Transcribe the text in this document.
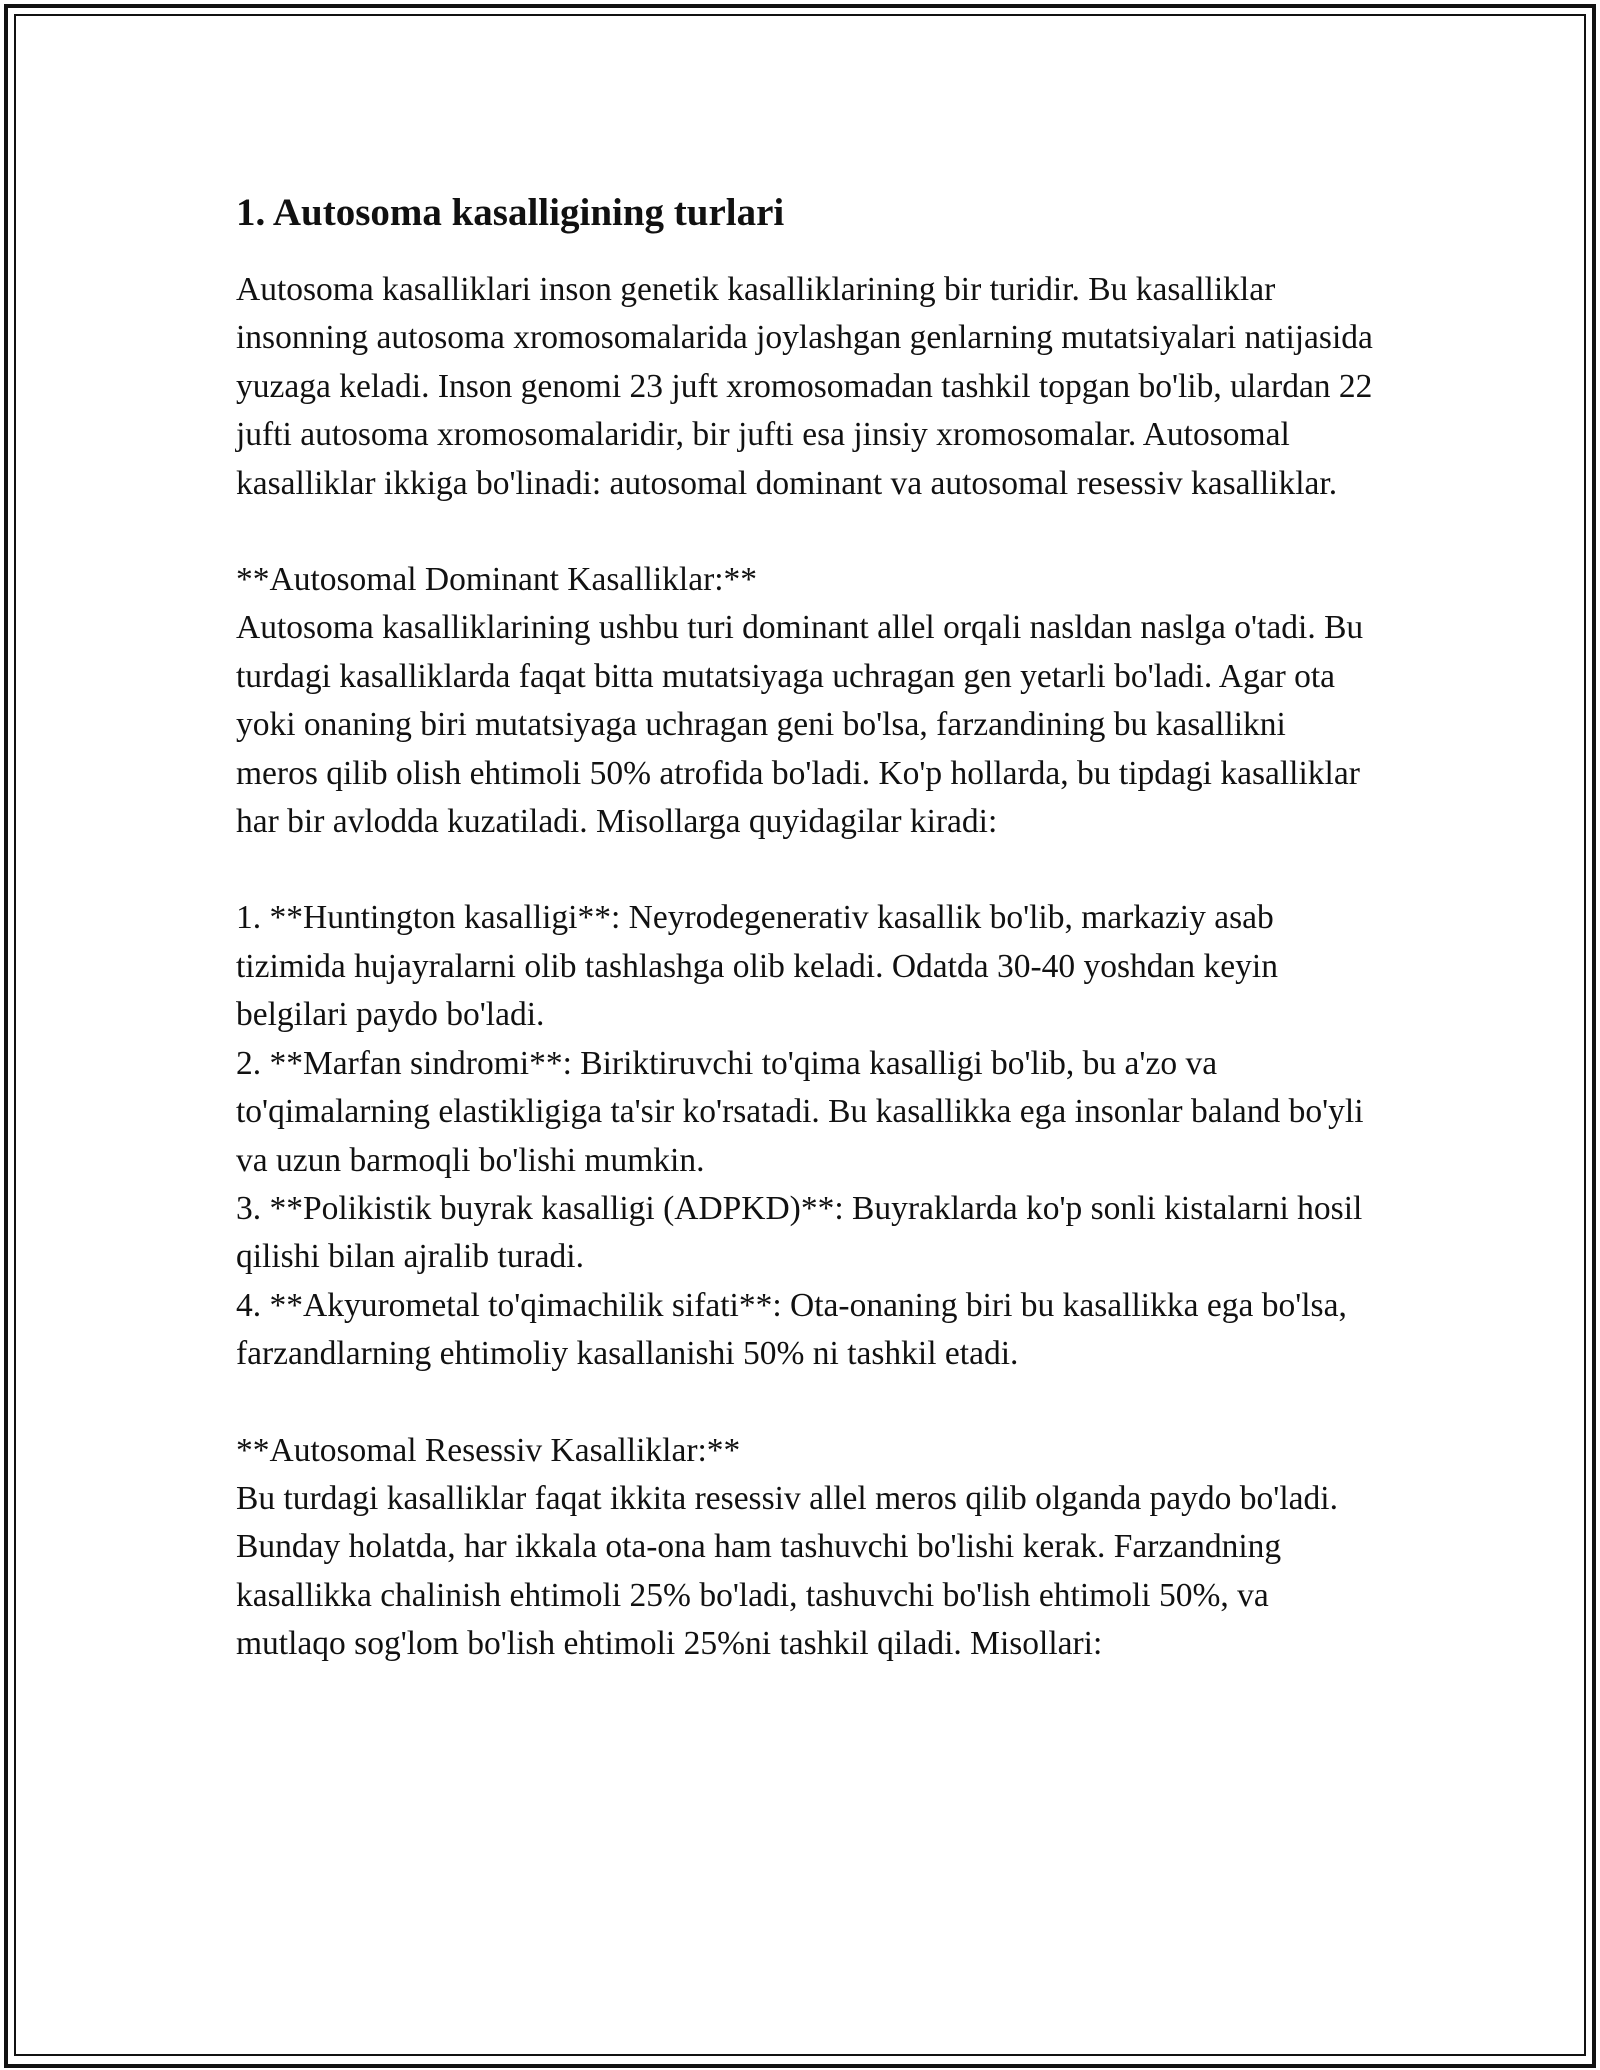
1. Autosoma kasalligining turlari

Autosoma kasalliklari inson genetik kasalliklarining bir turidir. Bu kasalliklar insonning autosoma xromosomalarida joylashgan genlarning mutatsiyalari natijasida yuzaga keladi. Inson genomi 23 juft xromosomadan tashkil topgan bo'lib, ulardan 22 jufti autosoma xromosomalaridir, bir jufti esa jinsiy xromosomalar. Autosomal kasalliklar ikkiga bo'linadi: autosomal dominant va autosomal resessiv kasalliklar.

**Autosomal Dominant Kasalliklar:**

Autosoma kasalliklarining ushbu turi dominant allel orqali nasldan naslga o'tadi. Bu turdagi kasalliklarda faqat bitta mutatsiyaga uchragan gen yetarli bo'ladi. Agar ota yoki onaning biri mutatsiyaga uchragan geni bo'lsa, farzandining bu kasallikni meros qilib olish ehtimoli 50% atrofida bo'ladi. Ko'p hollarda, bu tipdagi kasalliklar har bir avlodda kuzatiladi. Misollarga quyidagilar kiradi:

1. **Huntington kasalligi**: Neyrodegenerativ kasallik bo'lib, markaziy asab tizimida hujayralarni olib tashlashga olib keladi. Odatda 30-40 yoshdan keyin belgilari paydo bo'ladi.

2. **Marfan sindromi**: Biriktiruvchi to'qima kasalligi bo'lib, bu a'zo va to'qimalarning elastikligiga ta'sir ko'rsatadi. Bu kasallikka ega insonlar baland bo'yli va uzun barmoqli bo'lishi mumkin.

3. **Polikistik buyrak kasalligi (ADPKD)**: Buyraklarda ko'p sonli kistalarni hosil qilishi bilan ajralib turadi.

4. **Akyurometal to'qimachilik sifati**: Ota-onaning biri bu kasallikka ega bo'lsa, farzandlarning ehtimoliy kasallanishi 50% ni tashkil etadi.

**Autosomal Resessiv Kasalliklar:**

Bu turdagi kasalliklar faqat ikkita resessiv allel meros qilib olganda paydo bo'ladi. Bunday holatda, har ikkala ota-ona ham tashuvchi bo'lishi kerak. Farzandning kasallikka chalinish ehtimoli 25% bo'ladi, tashuvchi bo'lish ehtimoli 50%, va mutlaqo sog'lom bo'lish ehtimoli 25%ni tashkil qiladi. Misollari:
